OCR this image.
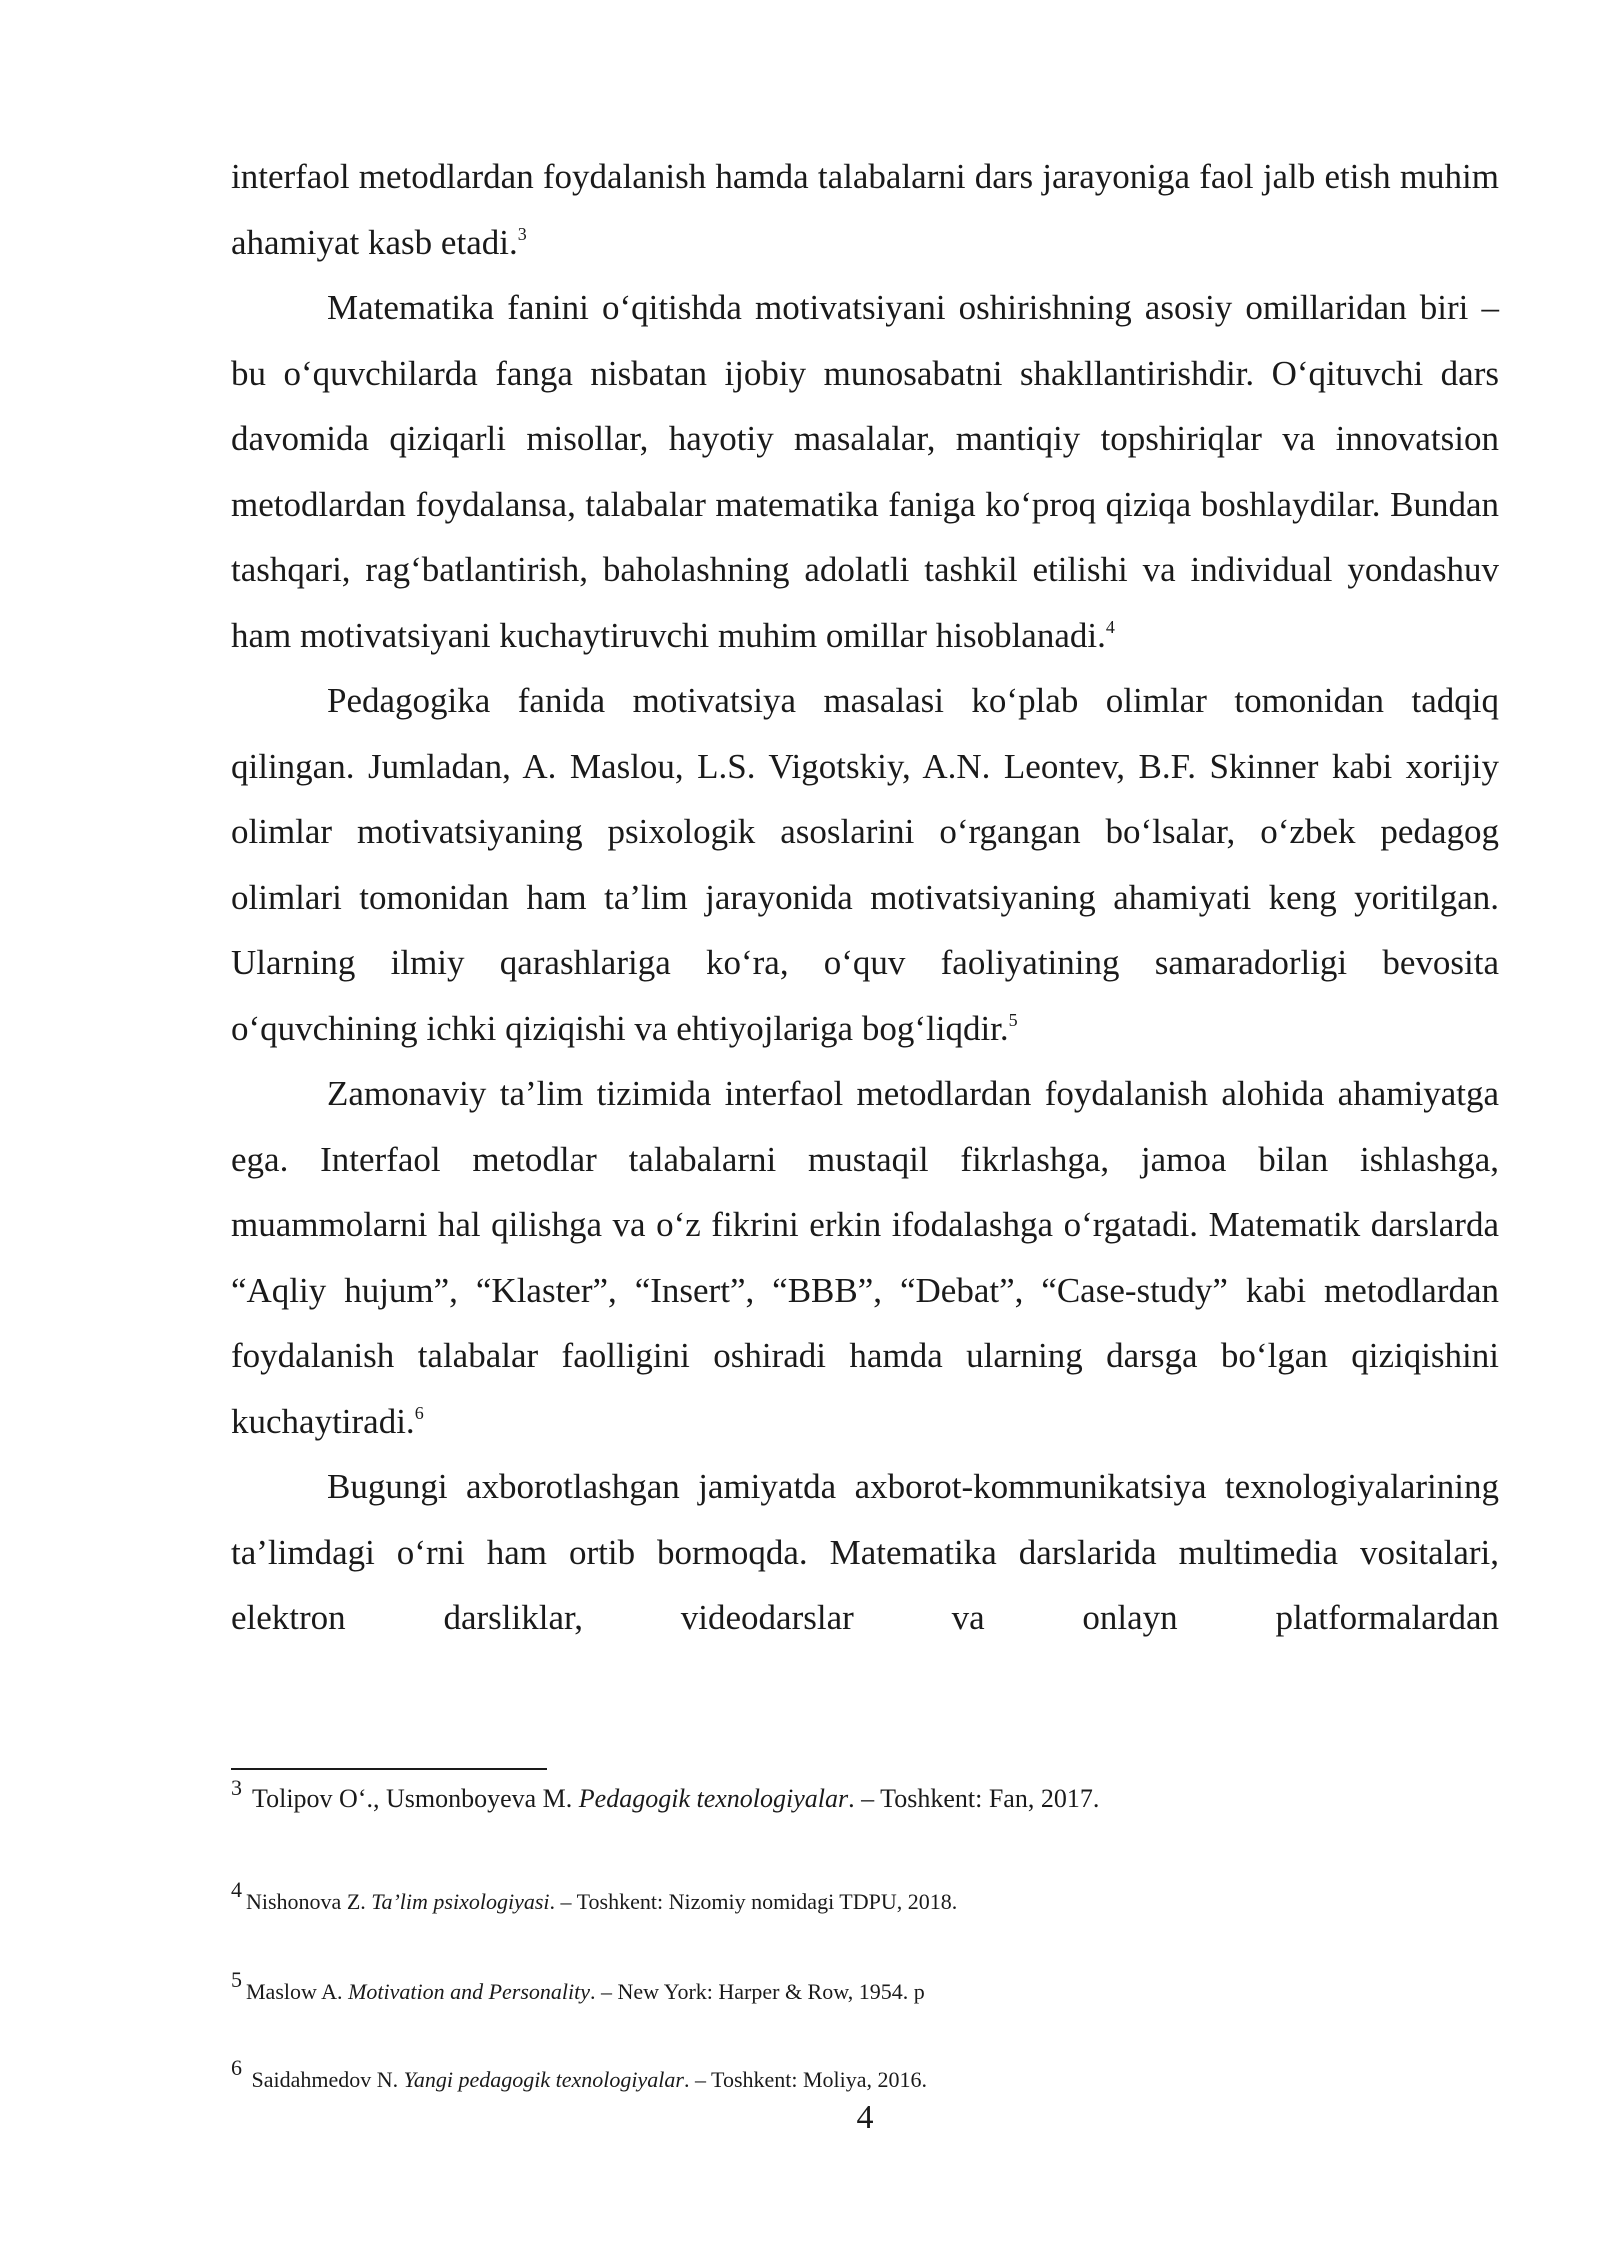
interfaol metodlardan foydalanish hamda talabalarni dars jarayoniga faol jalb etish muhim ahamiyat kasb etadi.$^3$

Matematika fanini o‘qitishda motivatsiyani oshirishning asosiy omillaridan biri – bu o‘quvchilarda fanga nisbatan ijobiy munosabatni shakllantirishdir. O‘qituvchi dars davomida qiziqarli misollar, hayotiy masalalar, mantiqiy topshiriqlar va innovatsion metodlardan foydalansa, talabalar matematika faniga ko‘proq qiziqa boshlaydilar. Bundan tashqari, rag‘batlantirish, baholashning adolatli tashkil etilishi va individual yondashuv ham motivatsiyani kuchaytiruvchi muhim omillar hisoblanadi.$^4$

Pedagogika fanida motivatsiya masalasi ko‘plab olimlar tomonidan tadqiq qilingan. Jumladan, A. Maslou, L.S. Vigotskiy, A.N. Leontev, B.F. Skinner kabi xorijiy olimlar motivatsiyaning psixologik asoslarini o‘rgangan bo‘lsalar, o‘zbek pedagog olimlari tomonidan ham ta’lim jarayonida motivatsiyaning ahamiyati keng yoritilgan. Ularning ilmiy qarashlariga ko‘ra, o‘quv faoliyatining samaradorligi bevosita o‘quvchining ichki qiziqishi va ehtiyojlariga bog‘liqdir.$^5$

Zamonaviy ta’lim tizimida interfaol metodlardan foydalanish alohida ahamiyatga ega. Interfaol metodlar talabalarni mustaqil fikrlashga, jamoa bilan ishlashga, muammolarni hal qilishga va o‘z fikrini erkin ifodalashga o‘rgatadi. Matematik darslarda “Aqliy hujum”, “Klaster”, “Insert”, “BBB”, “Debat”, “Case-study” kabi metodlardan foydalanish talabalar faolligini oshiradi hamda ularning darsga bo‘lgan qiziqishini kuchaytiradi.$^6$

Bugungi axborotlashgan jamiyatda axborot-kommunikatsiya texnologiyalarining ta’limdagi o‘rni ham ortib bormoqda. Matematika darslarida multimedia vositalari, elektron darsliklar, videodarslar va onlayn platformalardan

$^3$ Tolipov O‘., Usmonboyeva M. Pedagogik texnologiyalar. – Toshkent: Fan, 2017.
4 Nishonova Z. Ta’lim psixologiyasi. – Toshkent: Nizomiy nomidagi TDPU, 2018.
5 Maslow A. Motivation and Personality. – New York: Harper & Row, 1954. p
6 Saidahmedov N. Yangi pedagogik texnologiyalar. – Toshkent: Moliya, 2016.
4
